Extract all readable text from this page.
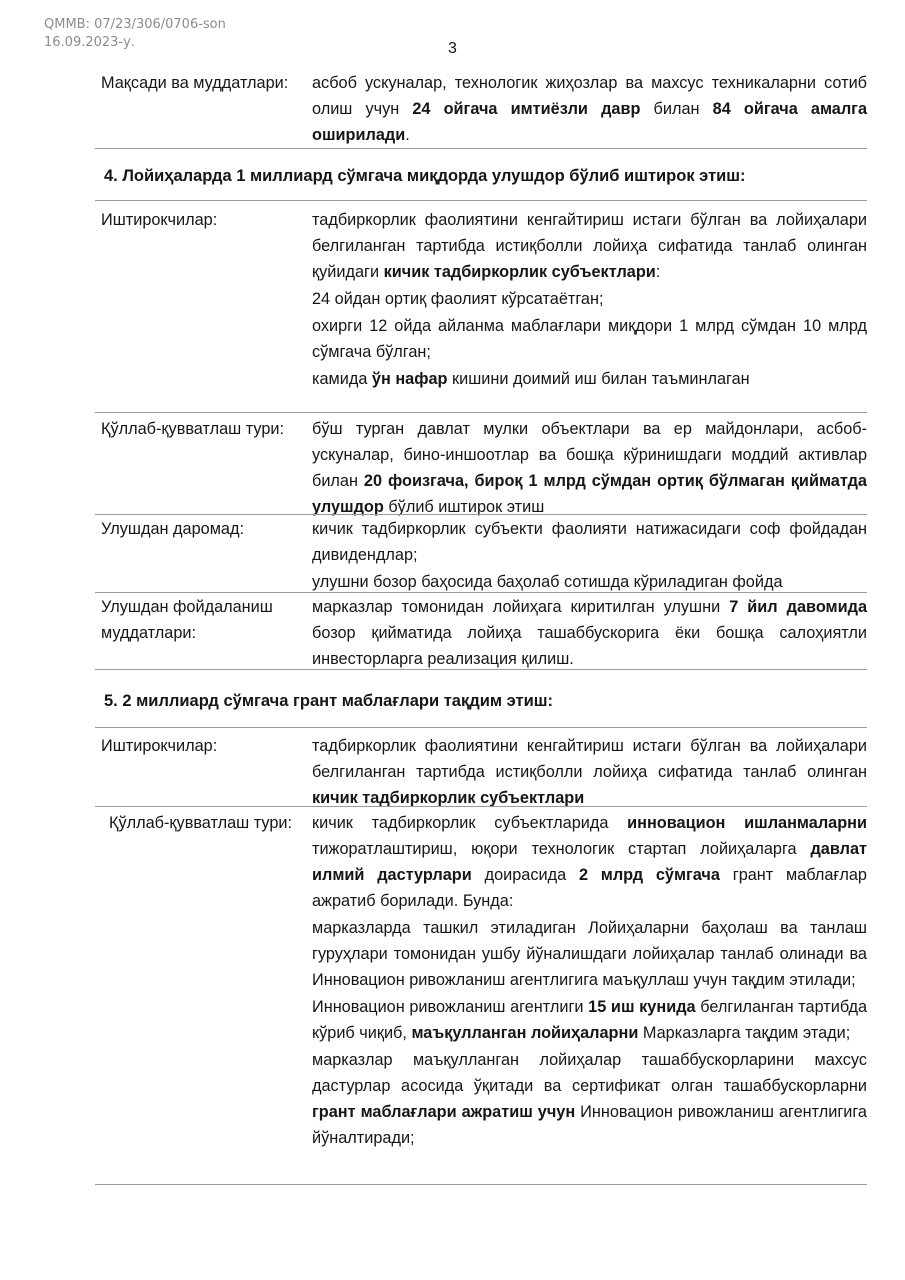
QMMB: 07/23/306/0706-son
16.09.2023-у.	3
Мақсади ва муддатлари:	асбоб ускуналар, технологик жиҳозлар ва махсус техникаларни сотиб олиш учун 24 ойгача имтиёзли давр билан 84 ойгача амалга оширилади.

4. Лойиҳаларда 1 миллиард сўмгача миқдорда улушдор бўлиб иштирок этиш:
Иштирокчилар:	тадбиркорлик фаолиятини кенгайтириш истаги бўлган ва лойиҳалари белгиланган тартибда истиқболли лойиҳа сифатида танлаб олинган қуйидаги кичик тадбиркорлик субъектлари:

24 ойдан ортиқ фаолият кўрсатаётган;

охирги 12 ойда айланма маблағлари миқдори 1 млрд сўмдан 10 млрд сўмгача бўлган;

камида ўн нафар кишини доимий иш билан таъминлаган

Қўллаб-қувватлаш тури:	бўш турган давлат мулки объектлари ва ер майдонлари, асбоб-ускуналар, бино-иншоотлар ва бошқа кўринишдаги моддий активлар билан 20 фоизгача, бироқ 1 млрд сўмдан ортиқ бўлмаган қийматда улушдор бўлиб иштирок этиш

Улушдан даромад:	кичик тадбиркорлик субъекти фаолияти натижасидаги соф фойдадан дивидендлар;

улушни бозор баҳосида баҳолаб сотишда кўриладиган фойда

Улушдан фойдаланиш муддатлари:

марказлар томонидан лойиҳага киритилган улушни 7 йил давомида бозор қийматида лойиҳа ташаббускорига ёки бошқа салоҳиятли инвесторларга реализация қилиш.

5. 2 миллиард сўмгача грант маблағлари тақдим этиш:
Иштирокчилар:	тадбиркорлик фаолиятини кенгайтириш истаги бўлган ва лойиҳалари белгиланган тартибда истиқболли лойиҳа сифатида танлаб олинган кичик тадбиркорлик субъектлари

Қўллаб-қувватлаш тури:	кичик тадбиркорлик субъектларида инновацион ишланмаларни тижоратлаштириш, юқори технологик стартап лойиҳаларга давлат илмий дастурлари доирасида 2 млрд сўмгача грант маблағлар ажратиб борилади. Бунда:

марказларда ташкил этиладиган Лойиҳаларни баҳолаш ва танлаш гуруҳлари томонидан ушбу йўналишдаги лойиҳалар танлаб олинади ва Инновацион ривожланиш агентлигига маъқуллаш учун тақдим этилади;

Инновацион ривожланиш агентлиги 15 иш кунида белгиланган тартибда кўриб чиқиб, маъқулланган лойиҳаларни Марказларга тақдим этади;

марказлар маъқулланган лойиҳалар ташаббускорларини махсус дастурлар асосида ўқитади ва сертификат олган ташаббускорларни грант маблағлари ажратиш учун Инновацион ривожланиш агентлигига йўналтиради;
